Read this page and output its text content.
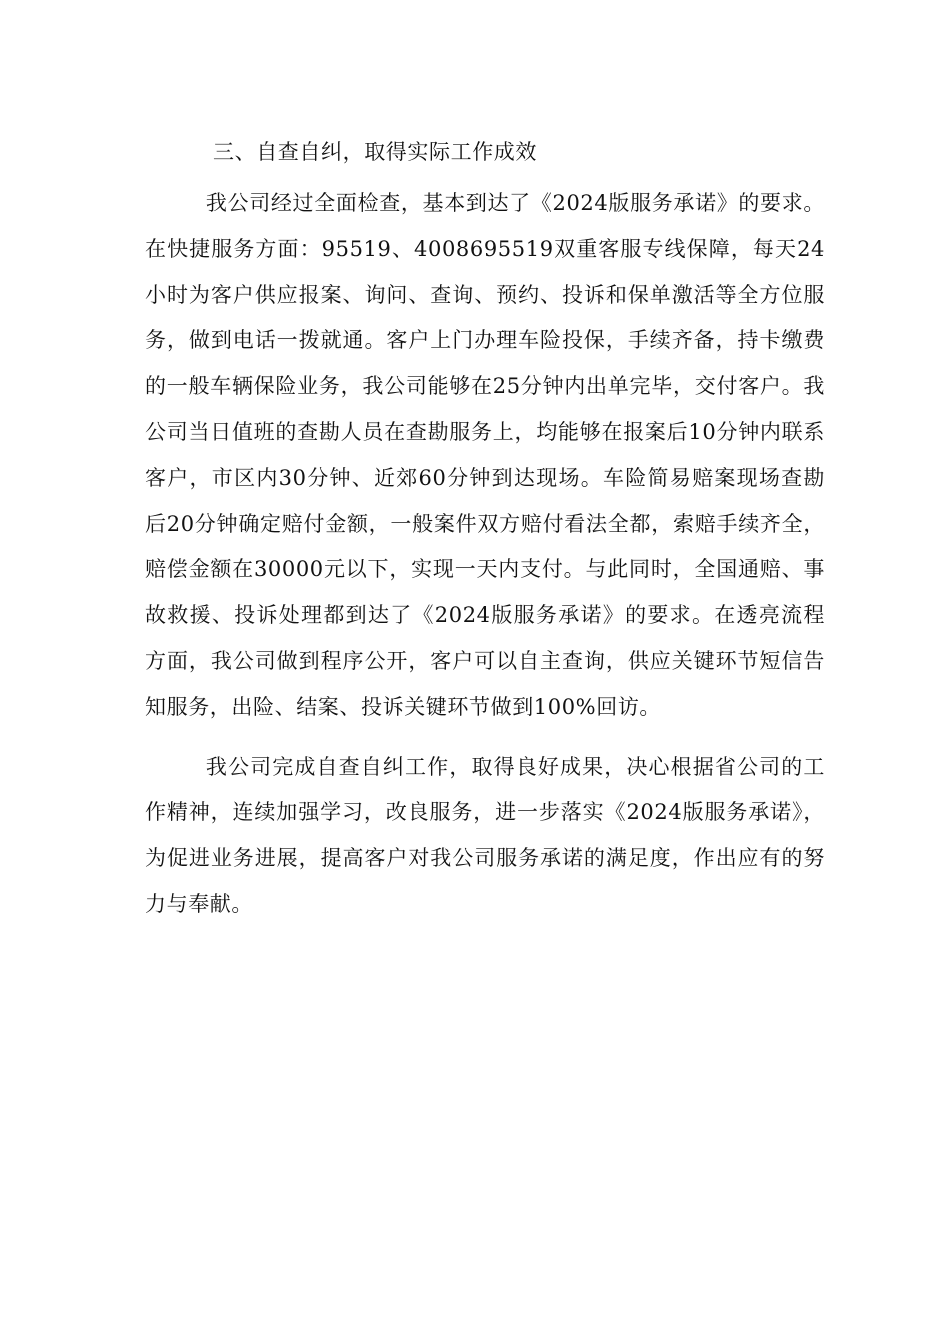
三、自查自纠，取得实际工作成效

我公司经过全面检查，基本到达了《2024版服务承诺》的要求。在快捷服务方面：95519、4008695519双重客服专线保障，每天24小时为客户供应报案、询问、查询、预约、投诉和保单激活等全方位服务，做到电话一拨就通。客户上门办理车险投保，手续齐备，持卡缴费的一般车辆保险业务，我公司能够在25分钟内出单完毕，交付客户。我公司当日值班的查勘人员在查勘服务上，均能够在报案后10分钟内联系客户，市区内30分钟、近郊60分钟到达现场。车险简易赔案现场查勘后20分钟确定赔付金额，一般案件双方赔付看法全都，索赔手续齐全，赔偿金额在30000元以下，实现一天内支付。与此同时，全国通赔、事故救援、投诉处理都到达了《2024版服务承诺》的要求。在透亮流程方面，我公司做到程序公开，客户可以自主查询，供应关键环节短信告知服务，出险、结案、投诉关键环节做到100%回访。

我公司完成自查自纠工作，取得良好成果，决心根据省公司的工作精神，连续加强学习，改良服务，进一步落实《2024版服务承诺》，为促进业务进展，提高客户对我公司服务承诺的满足度，作出应有的努力与奉献。
